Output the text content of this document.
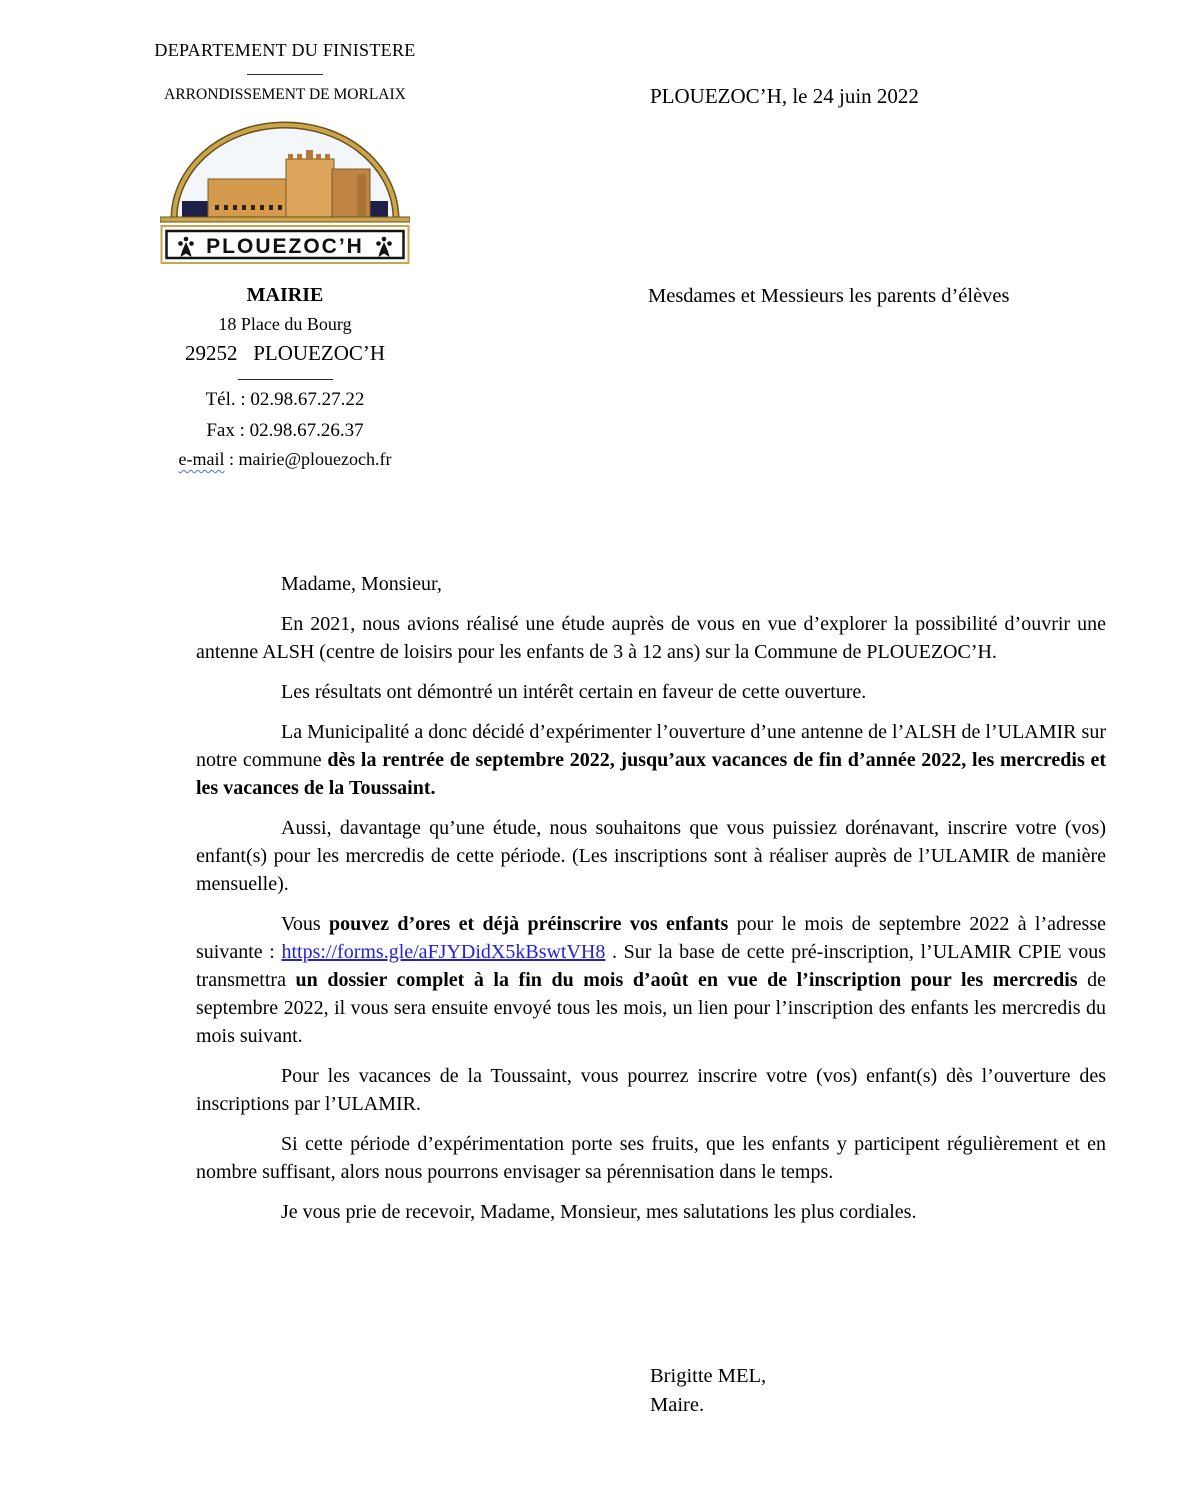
DEPARTEMENT DU FINISTERE
ARRONDISSEMENT DE MORLAIX
PLOUEZOC’H
MAIRIE
18 Place du Bourg
29252   PLOUEZOC’H
Tél. : 02.98.67.27.22
Fax : 02.98.67.26.37
e-mail : mairie@plouezoch.fr
PLOUEZOC’H, le 24 juin 2022
Mesdames et Messieurs les parents d’élèves

Madame, Monsieur,

En 2021, nous avions réalisé une étude auprès de vous en vue d’explorer la possibilité d’ouvrir une antenne ALSH (centre de loisirs pour les enfants de 3 à 12 ans) sur la Commune de PLOUEZOC’H.

Les résultats ont démontré un intérêt certain en faveur de cette ouverture.

La Municipalité a donc décidé d’expérimenter l’ouverture d’une antenne de l’ALSH de l’ULAMIR sur notre commune dès la rentrée de septembre 2022, jusqu’aux vacances de fin d’année 2022, les mercredis et les vacances de la Toussaint.

Aussi, davantage qu’une étude, nous souhaitons que vous puissiez dorénavant, inscrire votre (vos) enfant(s) pour les mercredis de cette période. (Les inscriptions sont à réaliser auprès de l’ULAMIR de manière mensuelle).

Vous pouvez d’ores et déjà préinscrire vos enfants pour le mois de septembre 2022 à l’adresse suivante : https://forms.gle/aFJYDidX5kBswtVH8 . Sur la base de cette pré-inscription, l’ULAMIR CPIE vous transmettra un dossier complet à la fin du mois d’août en vue de l’inscription pour les mercredis de septembre 2022, il vous sera ensuite envoyé tous les mois, un lien pour l’inscription des enfants les mercredis du mois suivant.

Pour les vacances de la Toussaint, vous pourrez inscrire votre (vos) enfant(s) dès l’ouverture des inscriptions par l’ULAMIR.

Si cette période d’expérimentation porte ses fruits, que les enfants y participent régulièrement et en nombre suffisant, alors nous pourrons envisager sa pérennisation dans le temps.

Je vous prie de recevoir, Madame, Monsieur, mes salutations les plus cordiales.

Brigitte MEL,
Maire.
